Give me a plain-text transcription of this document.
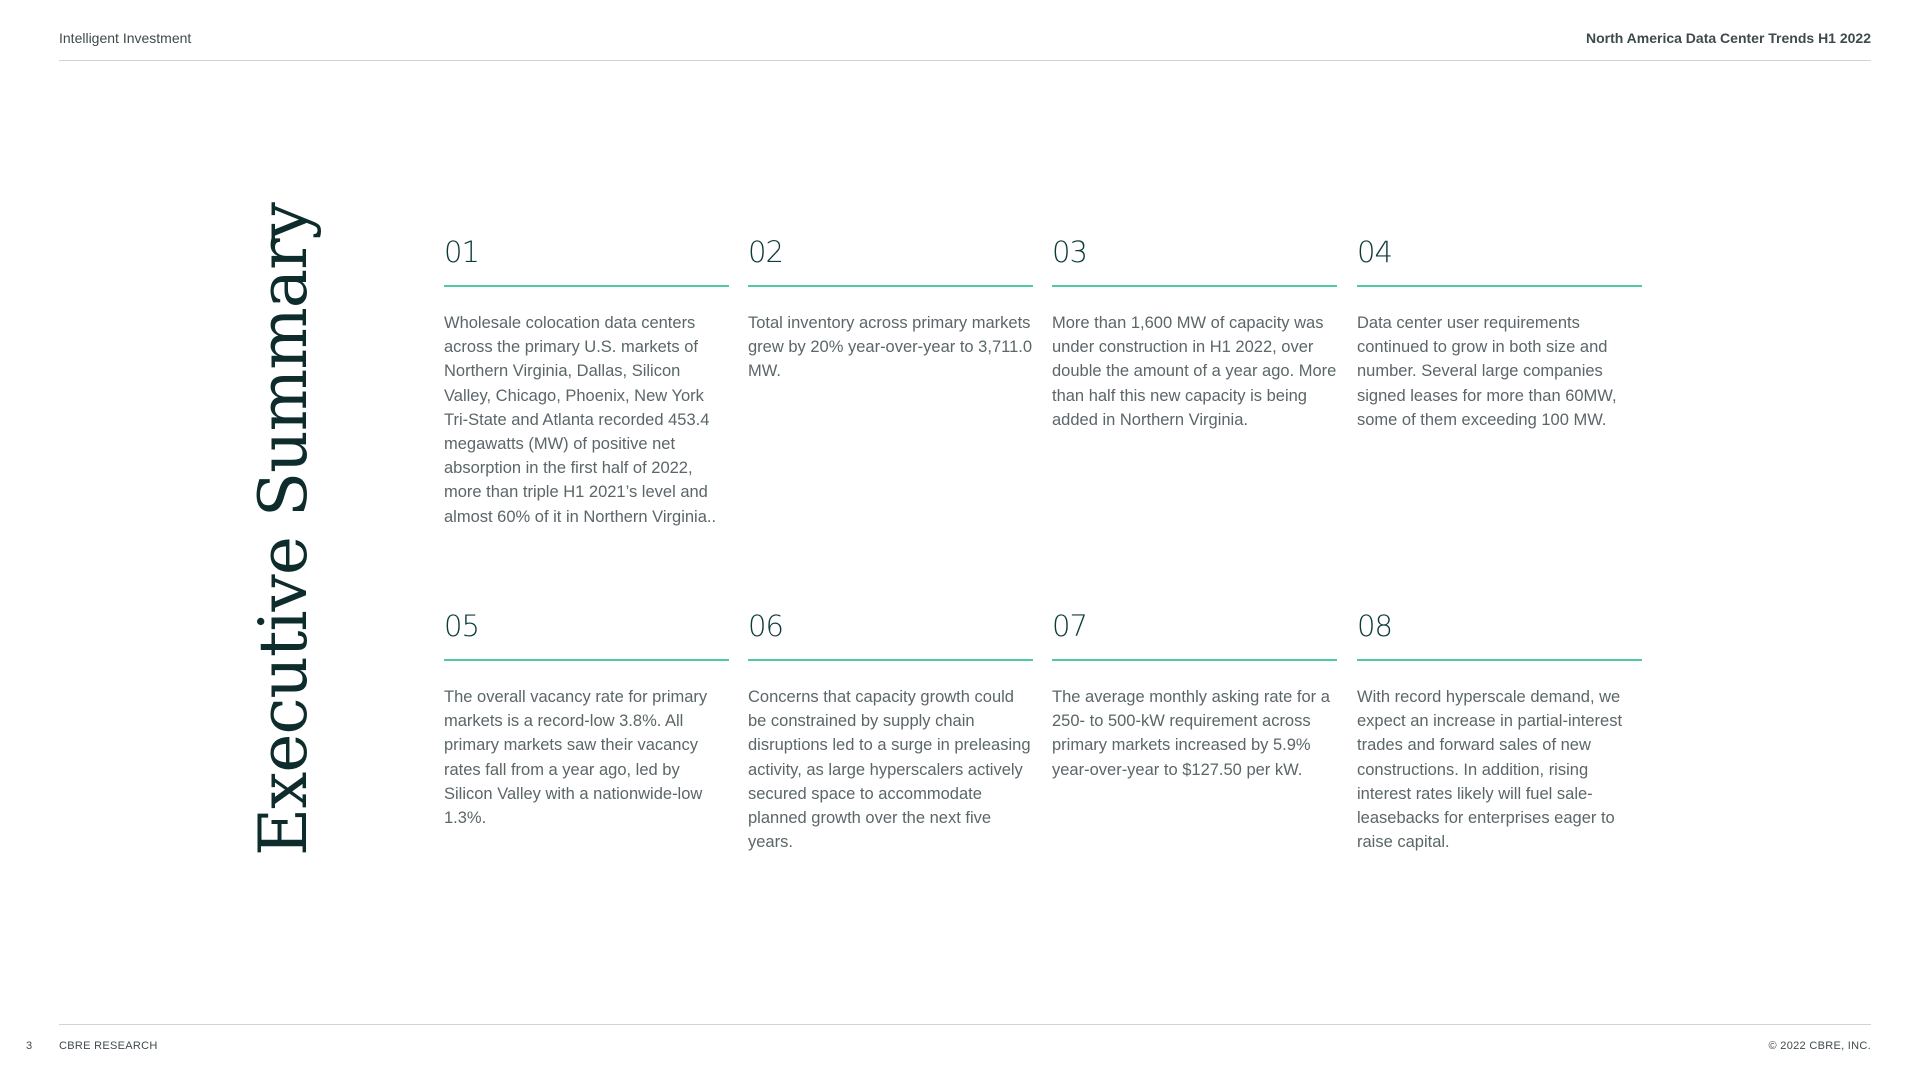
Intelligent Investment	North America Data Center Trends H1 2022
Executive Summary	01
Wholesale colocation data centers across the primary U.S. markets of Northern Virginia, Dallas, Silicon Valley, Chicago, Phoenix, New York Tri-State and Atlanta recorded 453.4 megawatts (MW) of positive net absorption in the first half of 2022, more than triple H1 2021’s level and almost 60% of it in Northern Virginia..
02
Total inventory across primary markets grew by 20% year-over-year to 3,711.0 MW.
03
More than 1,600 MW of capacity was under construction in H1 2022, over double the amount of a year ago. More than half this new capacity is being added in Northern Virginia.
04
Data center user requirements continued to grow in both size and number. Several large companies signed leases for more than 60MW, some of them exceeding 100 MW.
05
The overall vacancy rate for primary markets is a record-low 3.8%. All primary markets saw their vacancy rates fall from a year ago, led by Silicon Valley with a nationwide-low 1.3%.
06
Concerns that capacity growth could be constrained by supply chain disruptions led to a surge in preleasing activity, as large hyperscalers actively secured space to accommodate planned growth over the next five years.
07
The average monthly asking rate for a 250- to 500-kW requirement across primary markets increased by 5.9% year-over-year to $127.50 per kW.
08
With record hyperscale demand, we expect an increase in partial-interest trades and forward sales of new constructions. In addition, rising interest rates likely will fuel sale-leasebacks for enterprises eager to raise capital.
3 CBRE RESEARCH	© 2022 CBRE, INC.
